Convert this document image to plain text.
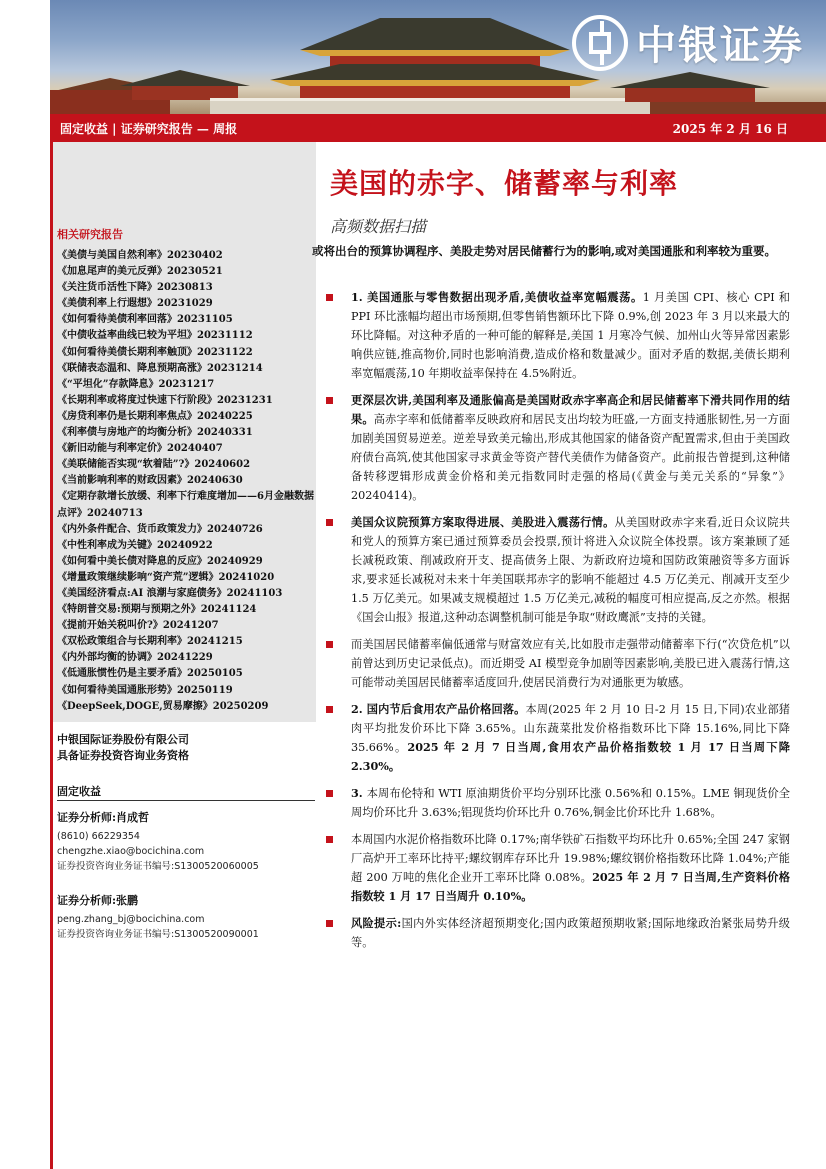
中银证券
固定收益 | 证券研究报告 — 周报	2025 年 2 月 16 日
相关研究报告
《美债与美国自然利率》20230402
《加息尾声的美元反弹》20230521
《关注货币活性下降》20230813
《美债利率上行遐想》20231029
《如何看待美债利率回落》20231105
《中债收益率曲线已较为平坦》20231112
《如何看待美债长期利率触顶》20231122
《联储表态温和、降息预期高涨》20231214
《“平坦化”存款降息》20231217
《长期利率或将度过快速下行阶段》20231231
《房贷利率仍是长期利率焦点》20240225
《利率债与房地产的均衡分析》20240331
《新旧动能与利率定价》20240407
《美联储能否实现“软着陆”?》20240602
《当前影响利率的财政因素》20240630
《定期存款增长放缓、利率下行难度增加——6月金融数据点评》20240713
《内外条件配合、货币政策发力》20240726
《中性利率成为关键》20240922
《如何看中美长债对降息的反应》20240929
《增量政策继续影响“资产荒”逻辑》20241020
《美国经济看点:AI 浪潮与家庭债务》20241103
《特朗普交易:预期与预期之外》20241124
《提前开始关税叫价?》20241207
《双松政策组合与长期利率》20241215
《内外部均衡的协调》20241229
《低通胀惯性仍是主要矛盾》20250105
《如何看待美国通胀形势》20250119
《DeepSeek,DOGE,贸易摩擦》20250209
中银国际证券股份有限公司
具备证券投资咨询业务资格
固定收益
证券分析师:肖成哲
(8610) 66229354
chengzhe.xiao@bocichina.com
证券投资咨询业务证书编号:S1300520060005
证券分析师:张鹏
peng.zhang_bj@bocichina.com
证券投资咨询业务证书编号:S1300520090001
美国的赤字、储蓄率与利率
高频数据扫描
或将出台的预算协调程序、美股走势对居民储蓄行为的影响,或对美国通胀和利率较为重要。
1. 美国通胀与零售数据出现矛盾,美债收益率宽幅震荡。1 月美国 CPI、核心 CPI 和 PPI 环比涨幅均超出市场预期,但零售销售额环比下降 0.9%,创 2023 年 3 月以来最大的环比降幅。对这种矛盾的一种可能的解释是,美国 1 月寒冷气候、加州山火等异常因素影响供应链,推高物价,同时也影响消费,造成价格和数量减少。面对矛盾的数据,美债长期利率宽幅震荡,10 年期收益率保持在 4.5%附近。
更深层次讲,美国利率及通胀偏高是美国财政赤字率高企和居民储蓄率下滑共同作用的结果。高赤字率和低储蓄率反映政府和居民支出均较为旺盛,一方面支持通胀韧性,另一方面加剧美国贸易逆差。逆差导致美元输出,形成其他国家的储备资产配置需求,但由于美国政府债台高筑,使其他国家寻求黄金等资产替代美债作为储备资产。此前报告曾提到,这种储备转移逻辑形成黄金价格和美元指数同时走强的格局(《黄金与美元关系的“异象”》20240414)。
美国众议院预算方案取得进展、美股进入震荡行情。从美国财政赤字来看,近日众议院共和党人的预算方案已通过预算委员会投票,预计将进入众议院全体投票。该方案兼顾了延长减税政策、削减政府开支、提高债务上限、为新政府边境和国防政策融资等多方面诉求,要求延长减税对未来十年美国联邦赤字的影响不能超过 4.5 万亿美元、削减开支至少 1.5 万亿美元。如果减支规模超过 1.5 万亿美元,减税的幅度可相应提高,反之亦然。根据《国会山报》报道,这种动态调整机制可能是争取“财政鹰派”支持的关键。
而美国居民储蓄率偏低通常与财富效应有关,比如股市走强带动储蓄率下行(“次贷危机”以前曾达到历史记录低点)。而近期受 AI 模型竞争加剧等因素影响,美股已进入震荡行情,这可能带动美国居民储蓄率适度回升,使居民消费行为对通胀更为敏感。
2. 国内节后食用农产品价格回落。本周(2025 年 2 月 10 日-2 月 15 日,下同)农业部猪肉平均批发价环比下降 3.65%。山东蔬菜批发价格指数环比下降 15.16%,同比下降 35.66%。2025 年 2 月 7 日当周,食用农产品价格指数较 1 月 17 日当周下降 2.30%。
3. 本周布伦特和 WTI 原油期货价平均分别环比涨 0.56%和 0.15%。LME 铜现货价全周均价环比升 3.63%;铝现货均价环比升 0.76%,铜金比价环比升 1.68%。
本周国内水泥价格指数环比降 0.17%;南华铁矿石指数平均环比升 0.65%;全国 247 家钢厂高炉开工率环比持平;螺纹钢库存环比升 19.98%;螺纹钢价格指数环比降 1.04%;产能超 200 万吨的焦化企业开工率环比降 0.08%。2025 年 2 月 7 日当周,生产资料价格指数较 1 月 17 日当周升 0.10%。
风险提示:国内外实体经济超预期变化;国内政策超预期收紧;国际地缘政治紧张局势升级等。
